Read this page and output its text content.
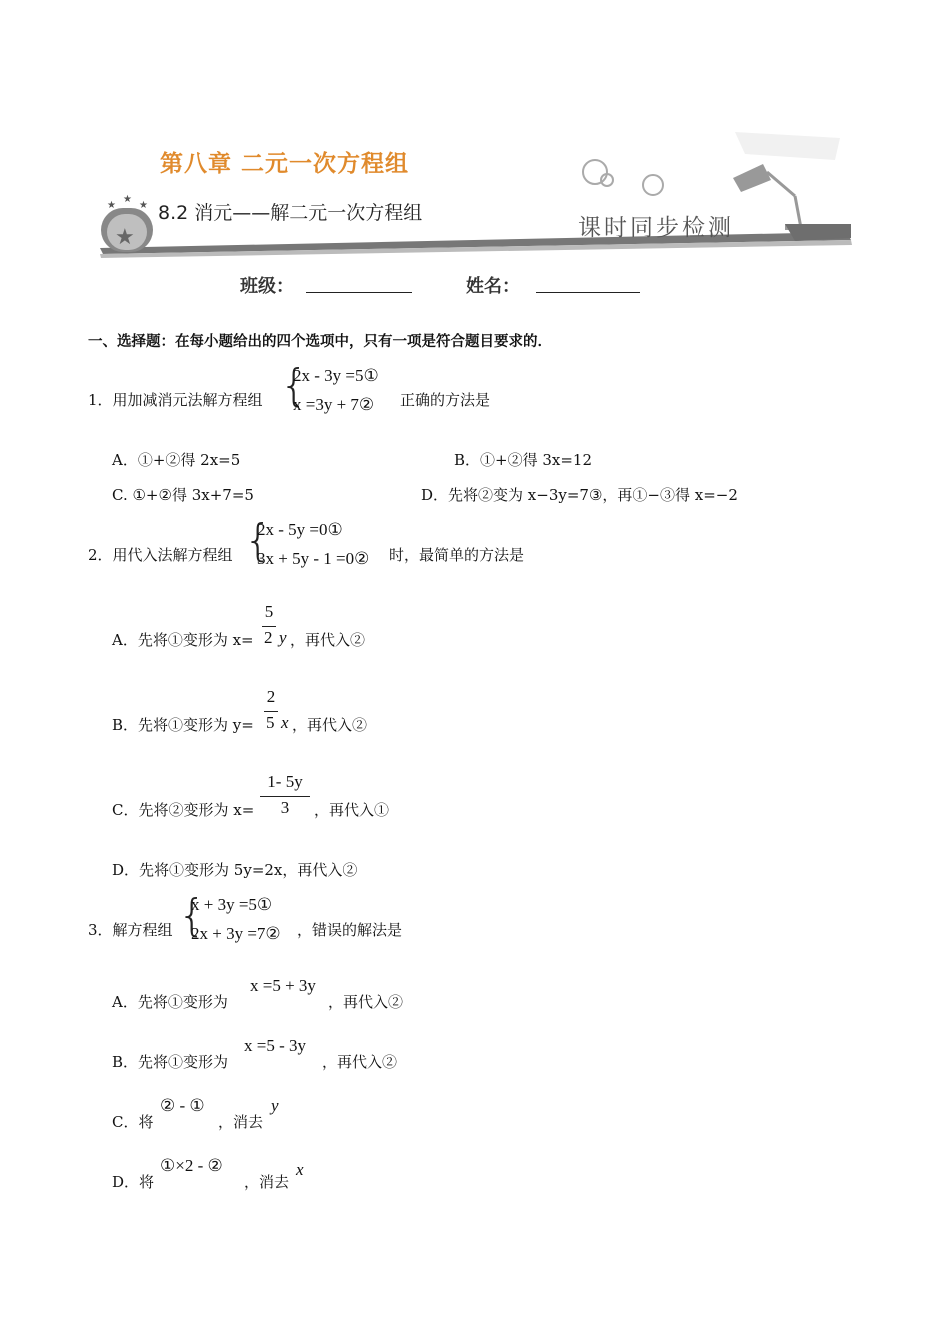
★
★
★
★
第八章 二元一次方程组
8.2 消元——解二元一次方程组
课时同步检测
班级：	姓名：
一、选择题：在每小题给出的四个选项中，只有一项是符合题目要求的．
1．用加减消元法解方程组 {
2x - 3y =5①
x =3y + 7② 正确的方法是
A．①+②得 2x=5	B．①+②得 3x=12
C. ①+②得 3x+7=5	D．先将②变为 x−3y=7③，再①−③得 x=−2
2．用代入法解方程组 {
2x - 5y =0①
3x + 5y - 1 =0② 时，最简单的方法是
A．先将①变形为 x=
5
2 y ，再代入②
B．先将①变形为 y=
2
5 x ，再代入②
C．先将②变形为 x=
1- 5y
3	，再代入①
D．先将①变形为 5y=2x，再代入②
3．解方程组 {
x + 3y =5①
2x + 3y =7② ，错误的解法是
A．先将①变形为
x =5 + 3y
，再代入②
B．先将①变形为
x =5 - 3y
，再代入②
C．将
② - ①
，消去
y
D．将
①×2 - ②
，消去
x
